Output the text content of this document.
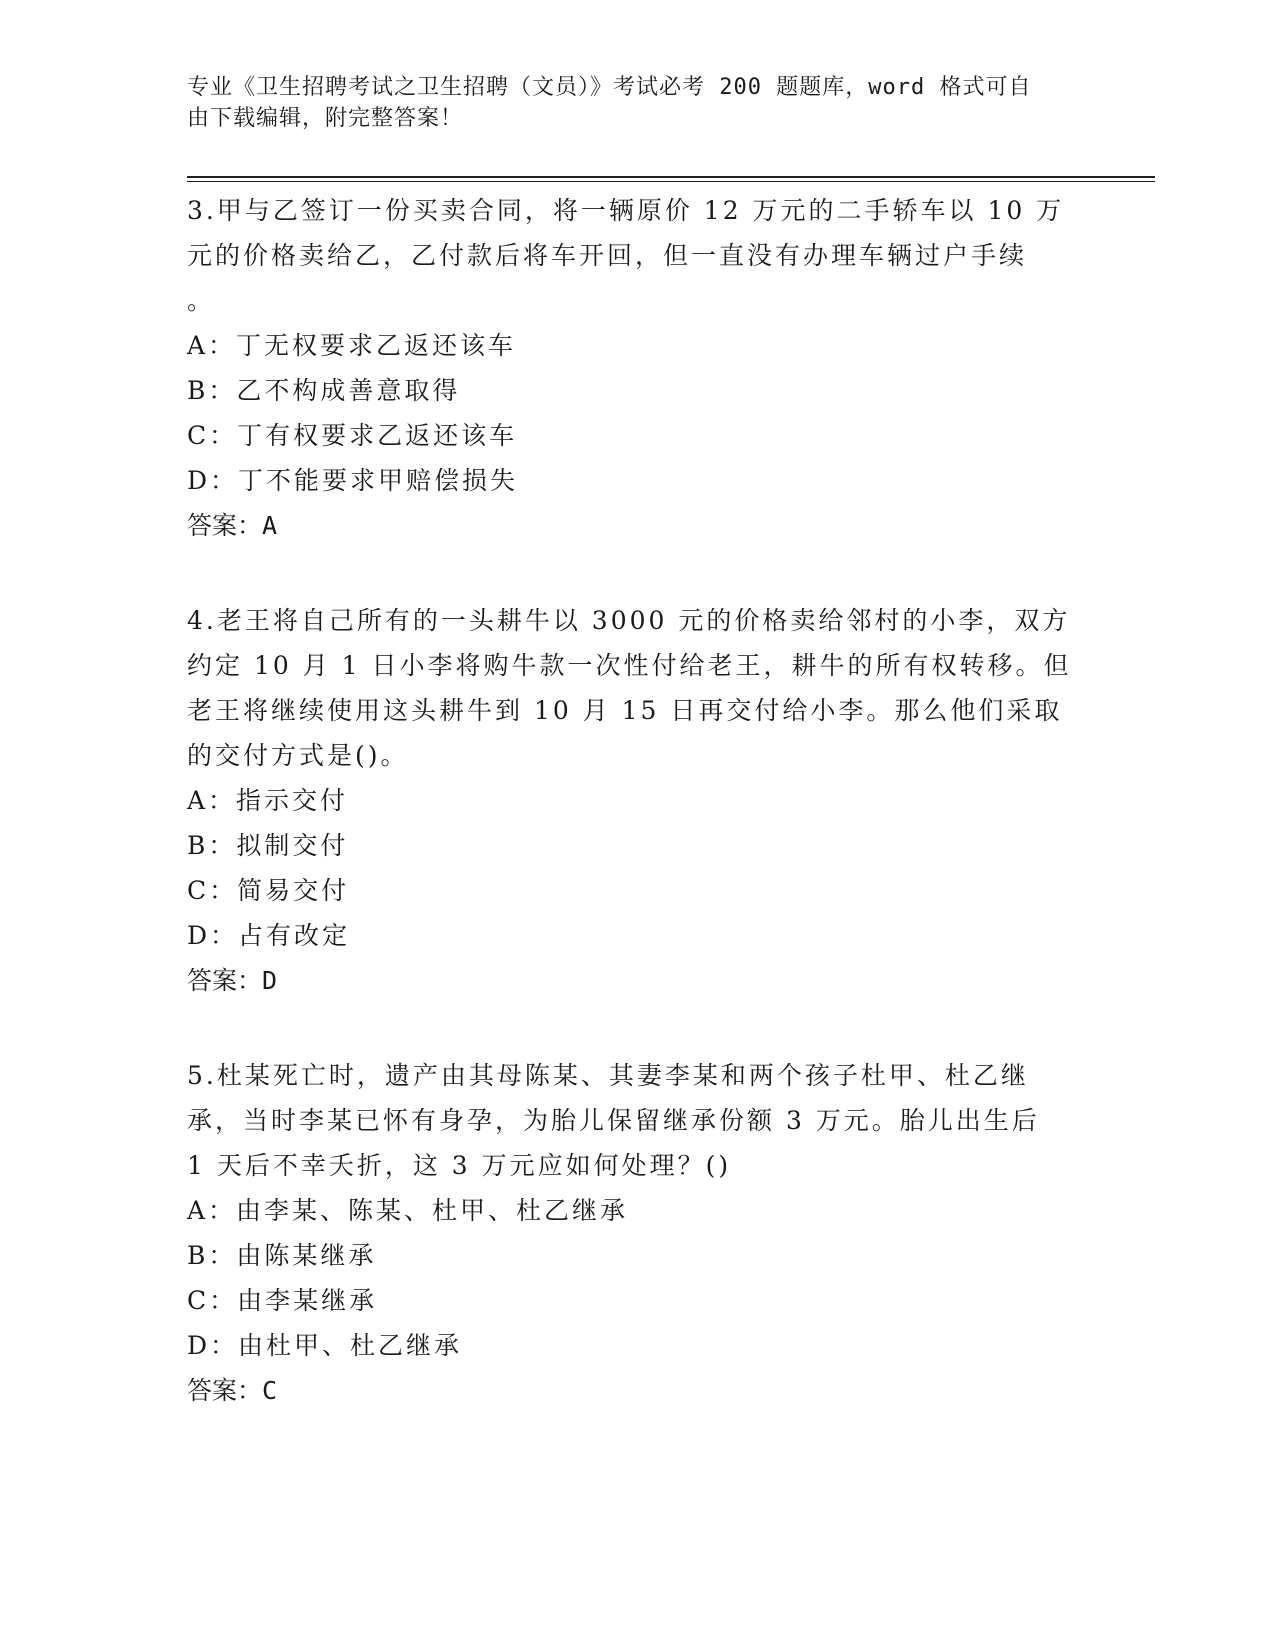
专业《卫生招聘考试之卫生招聘（文员）》考试必考 200 题题库，word 格式可自
由下载编辑，附完整答案！
3.甲与乙签订一份买卖合同，将一辆原价 12 万元的二手轿车以 10 万
元的价格卖给乙，乙付款后将车开回，但一直没有办理车辆过户手续
。
A：丁无权要求乙返还该车
B：乙不构成善意取得
C：丁有权要求乙返还该车
D：丁不能要求甲赔偿损失
答案：A
4.老王将自己所有的一头耕牛以 3000 元的价格卖给邻村的小李，双方
约定 10 月 1 日小李将购牛款一次性付给老王，耕牛的所有权转移。但
老王将继续使用这头耕牛到 10 月 15 日再交付给小李。那么他们采取
的交付方式是()。
A：指示交付
B：拟制交付
C：简易交付
D：占有改定
答案：D
5.杜某死亡时，遗产由其母陈某、其妻李某和两个孩子杜甲、杜乙继
承，当时李某已怀有身孕，为胎儿保留继承份额 3 万元。胎儿出生后
1 天后不幸夭折，这 3 万元应如何处理？()
A：由李某、陈某、杜甲、杜乙继承
B：由陈某继承
C：由李某继承
D：由杜甲、杜乙继承
答案：C
